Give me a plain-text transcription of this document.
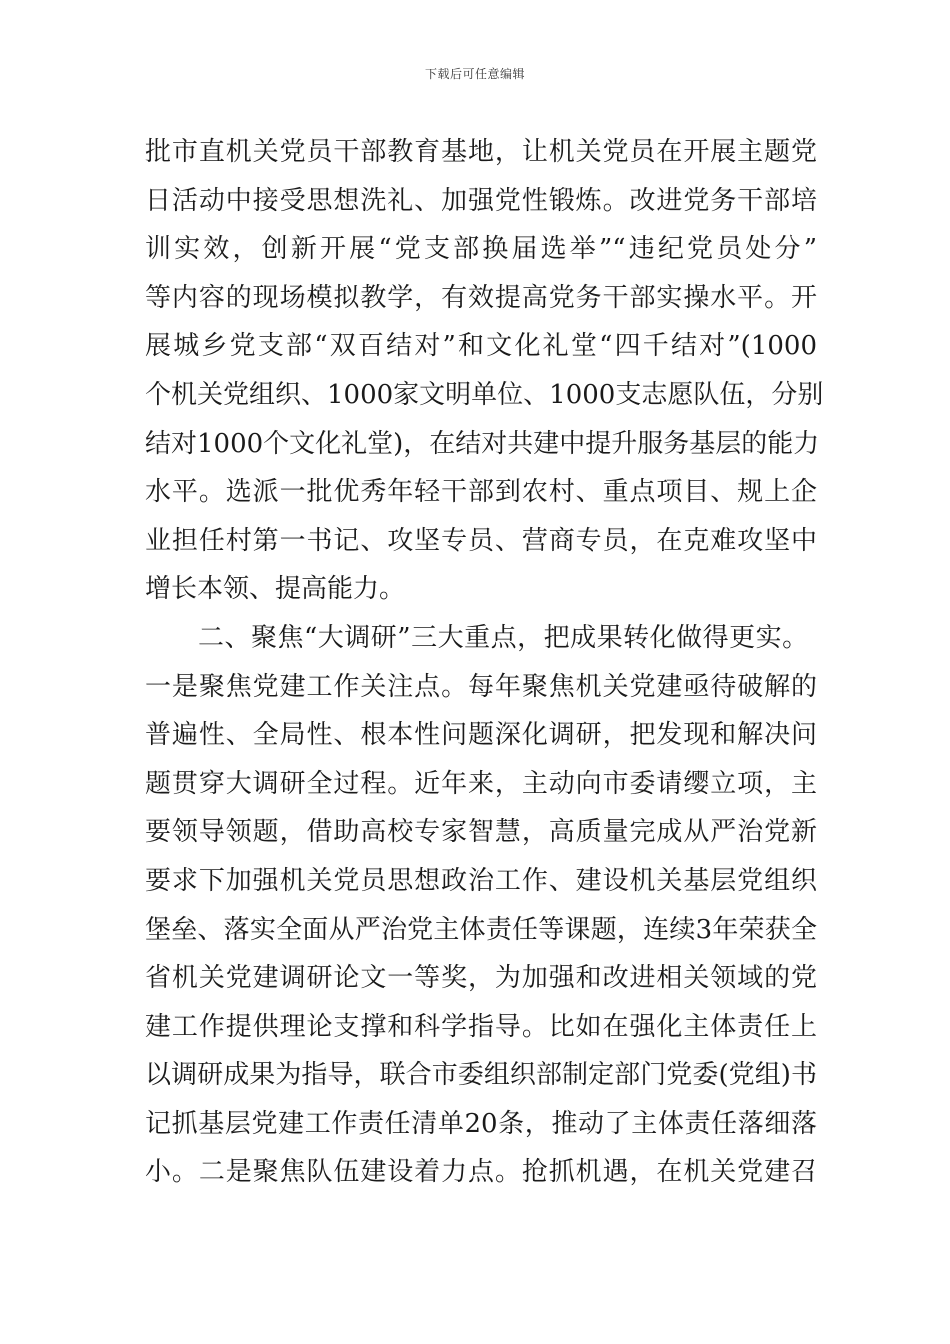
下载后可任意编辑
批市直机关党员干部教育基地，让机关党员在开展主题党
日活动中接受思想洗礼、加强党性锻炼。改进党务干部培
训实效，创新开展“党支部换届选举”“违纪党员处分”
等内容的现场模拟教学，有效提高党务干部实操水平。开
展城乡党支部“双百结对”和文化礼堂“四千结对”(1000
个机关党组织、1000家文明单位、1000支志愿队伍，分别
结对1000个文化礼堂)，在结对共建中提升服务基层的能力
水平。选派一批优秀年轻干部到农村、重点项目、规上企
业担任村第一书记、攻坚专员、营商专员，在克难攻坚中
增长本领、提高能力。
　　二、聚焦“大调研”三大重点，把成果转化做得更实。
一是聚焦党建工作关注点。每年聚焦机关党建亟待破解的
普遍性、全局性、根本性问题深化调研，把发现和解决问
题贯穿大调研全过程。近年来，主动向市委请缨立项，主
要领导领题，借助高校专家智慧，高质量完成从严治党新
要求下加强机关党员思想政治工作、建设机关基层党组织
堡垒、落实全面从严治党主体责任等课题，连续3年荣获全
省机关党建调研论文一等奖，为加强和改进相关领域的党
建工作提供理论支撑和科学指导。比如在强化主体责任上
以调研成果为指导，联合市委组织部制定部门党委(党组)书
记抓基层党建工作责任清单20条，推动了主体责任落细落
小。二是聚焦队伍建设着力点。抢抓机遇，在机关党建召
